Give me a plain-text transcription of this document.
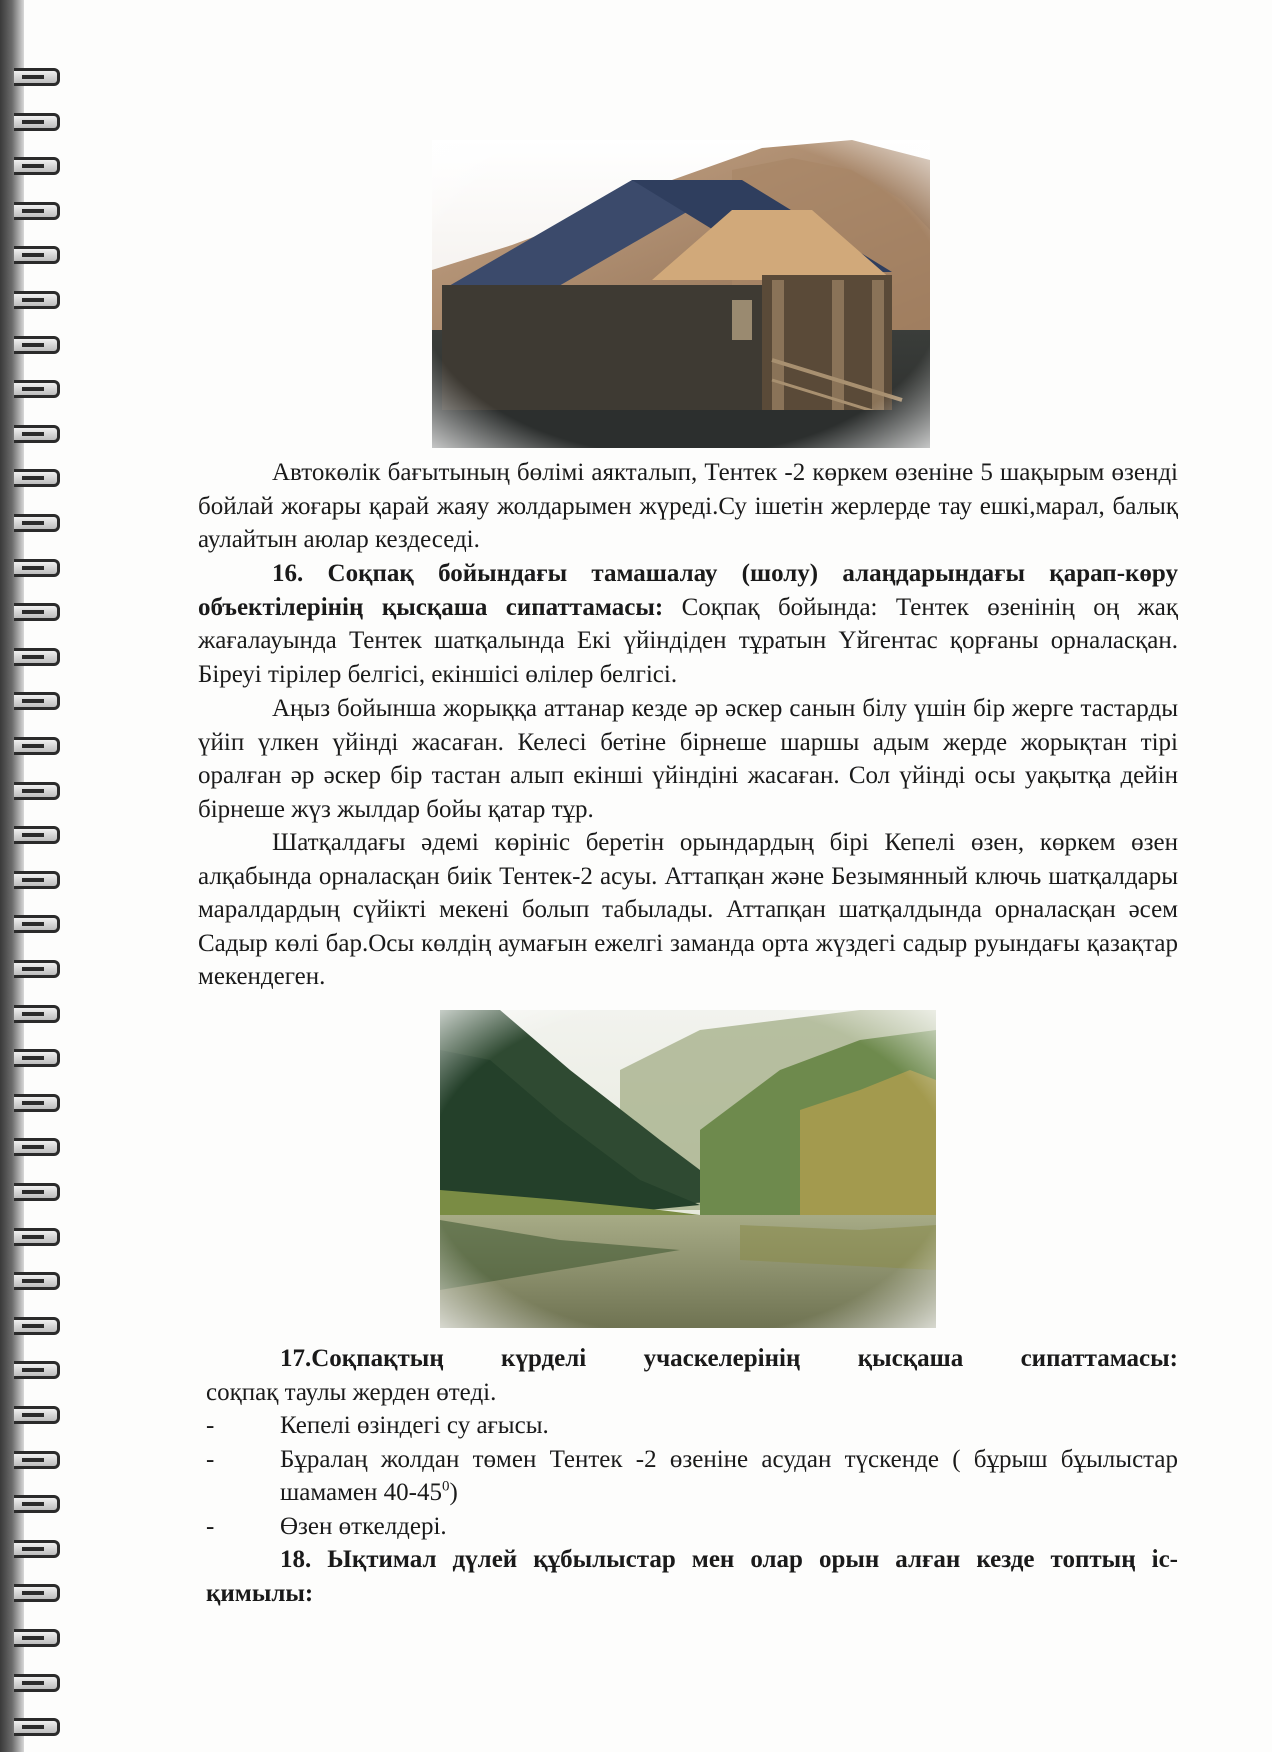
Автокөлік бағытының бөлімі аякталып, Тентек -2 көркем өзеніне 5 шақырым өзенді бойлай жоғары қарай жаяу жолдарымен жүреді.Су ішетін жерлерде тау ешкі,марал, балық аулайтын аюлар кездеседі.

16. Соқпақ бойындағы тамашалау (шолу) алаңдарындағы қарап-көру объектілерінің қысқаша сипаттамасы: Соқпақ бойында: Тентек өзенінің оң жақ жағалауында Тентек шатқалында Екі үйіндіден тұратын Үйгентас қорғаны орналасқан. Біреуі тірілер белгісі, екіншісі өлілер белгісі.

Аңыз бойынша жорыққа аттанар кезде әр әскер санын білу үшін бір жерге тастарды үйіп үлкен үйінді жасаған. Келесі бетіне бірнеше шаршы адым жерде жорықтан тірі оралған әр әскер бір тастан алып екінші үйіндіні жасаған. Сол үйінді осы уақытқа дейін бірнеше жүз жылдар бойы қатар тұр.

Шатқалдағы әдемі көрініс беретін орындардың бірі Кепелі өзен, көркем өзен алқабында орналасқан биік Тентек-2 асуы. Аттапқан және Безымянный ключь шатқалдары маралдардың сүйікті мекені болып табылады. Аттапқан шатқалдында орналасқан әсем Садыр көлі бар.Осы көлдің аумағын ежелгі заманда орта жүздегі садыр руындағы қазақтар мекендеген.

17.Соқпақтың күрделі учаскелерінің қысқаша сипаттамасы:

соқпақ таулы жерден өтеді.

-	Кепелі өзіндегі су ағысы.
-	Бұралаң жолдан төмен Тентек -2 өзеніне асудан түскенде ( бұрыш бұылыстар шамамен $40-45^0$)
-	Өзен өткелдері.

18. Ықтимал дүлей құбылыстар мен олар орын алған кезде топтың іс-қимылы:
